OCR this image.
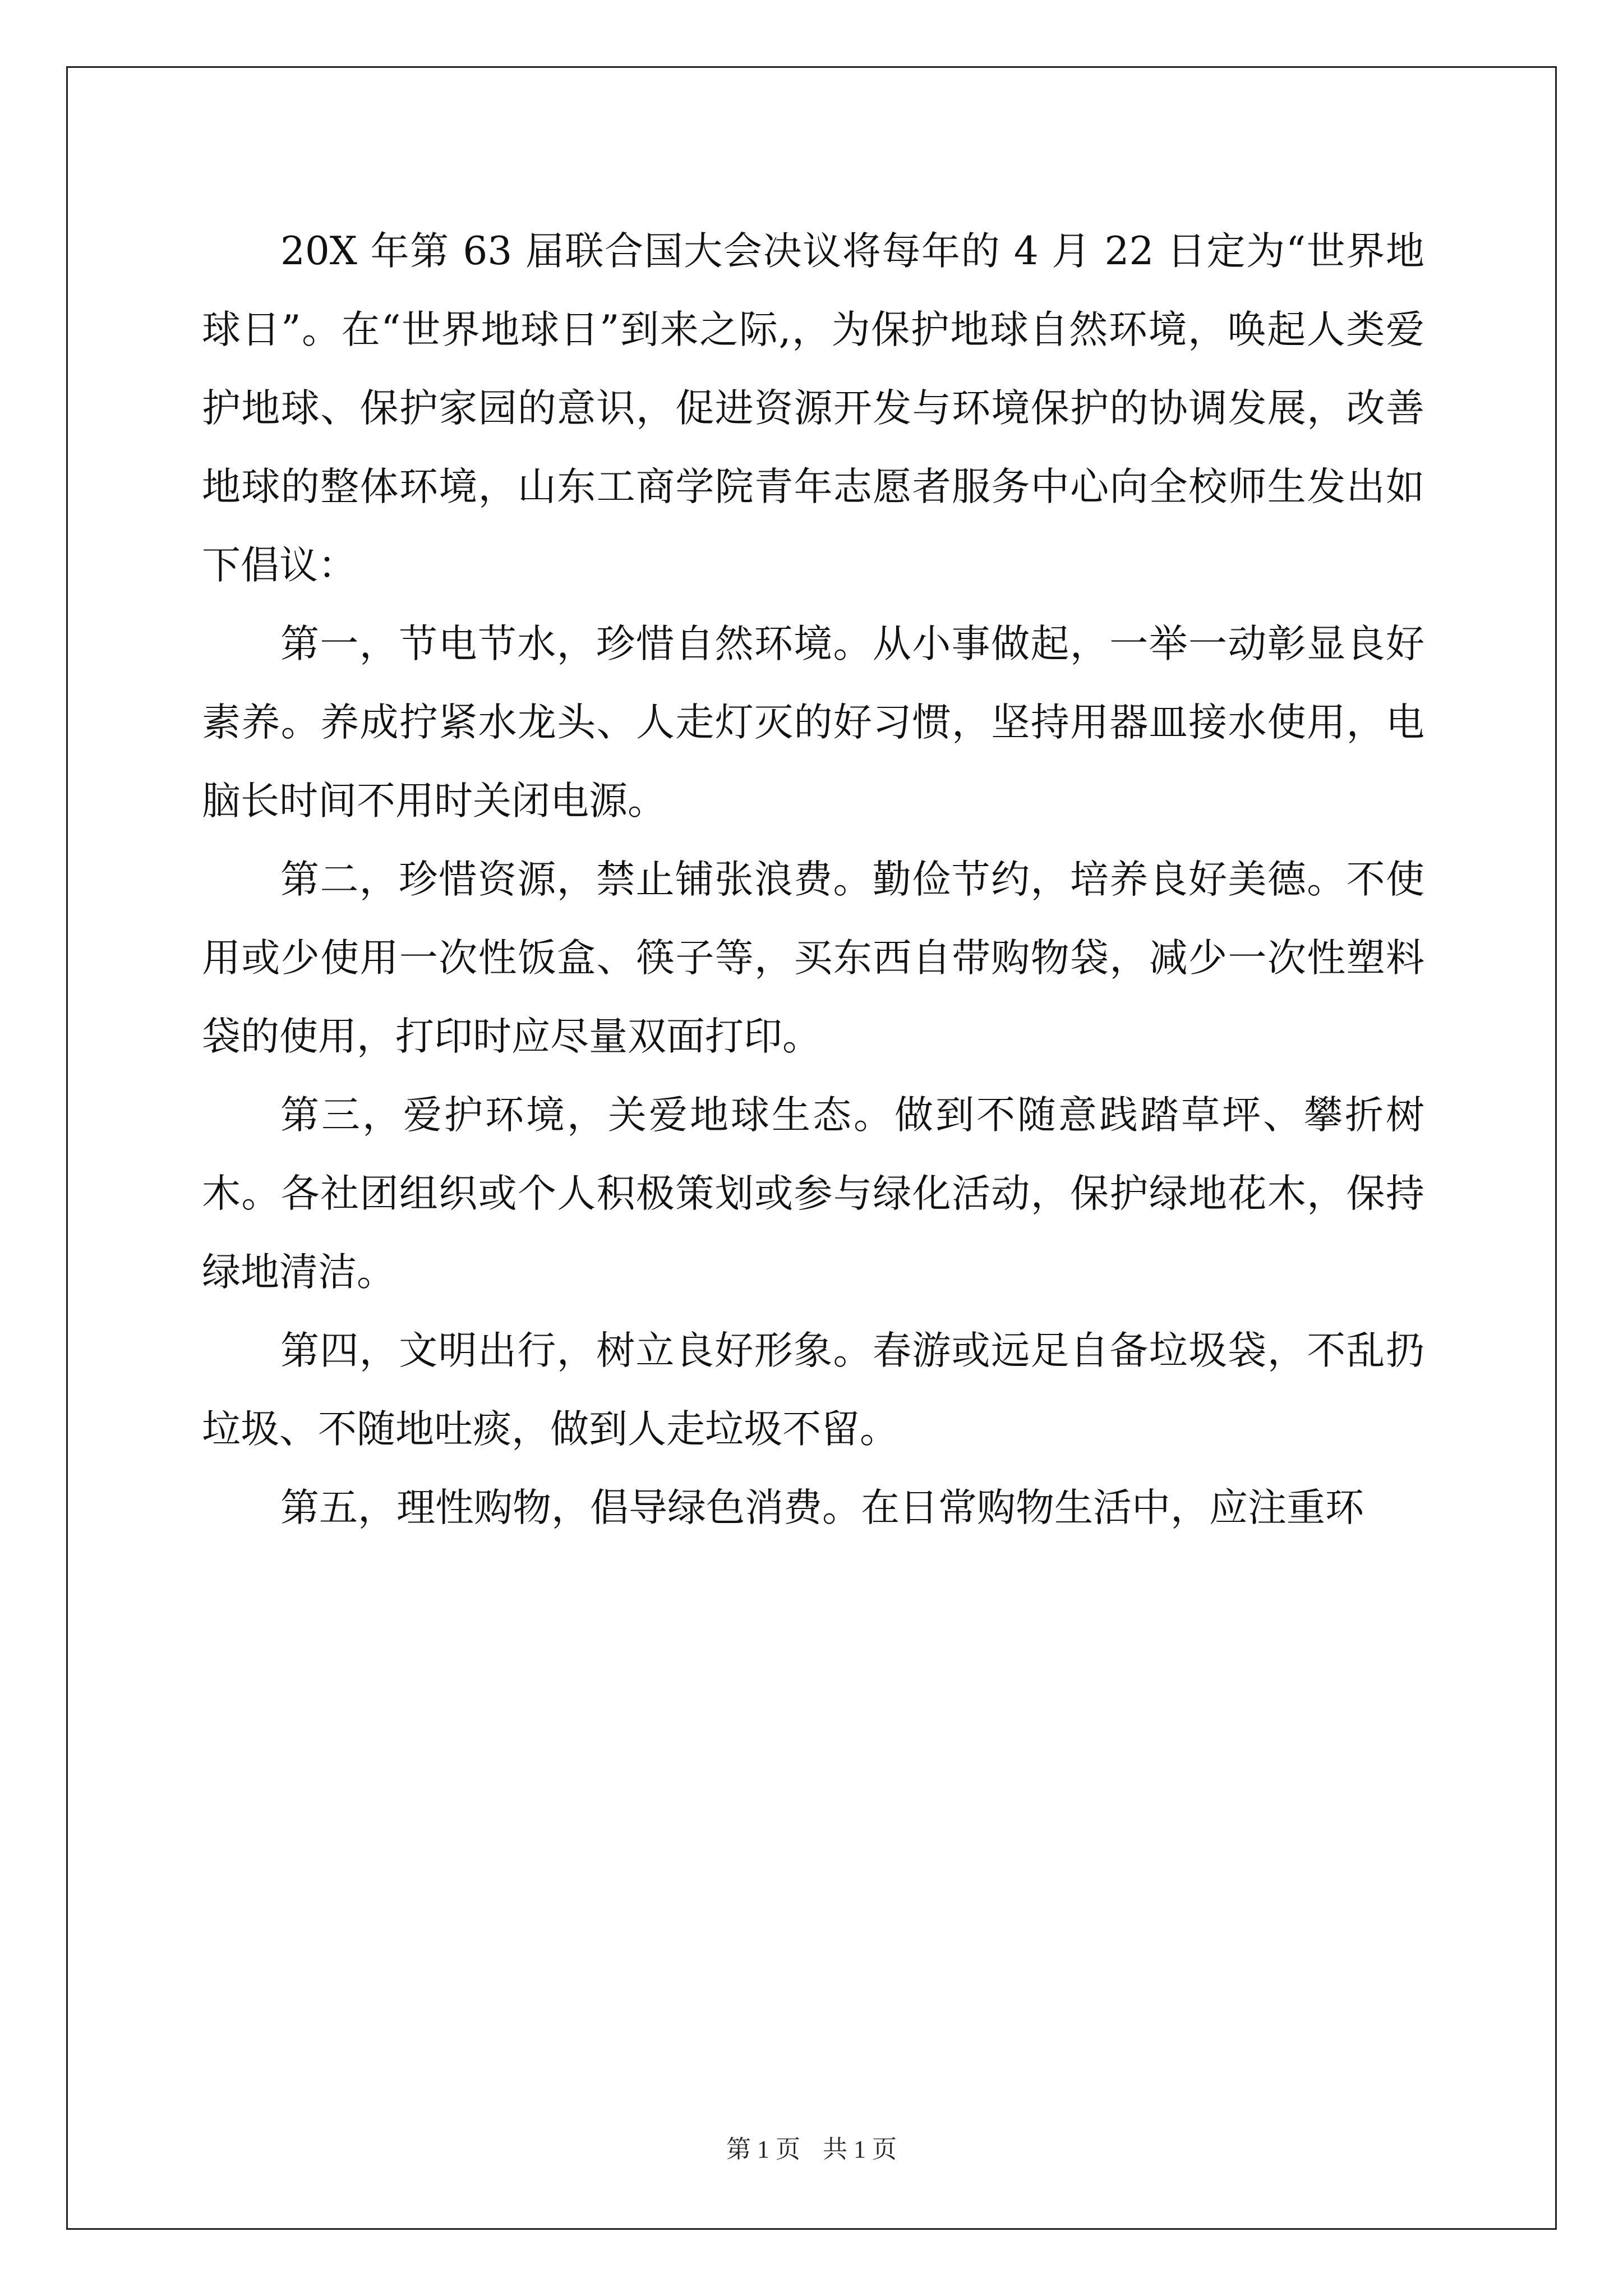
20X 年第 63 届联合国大会决议将每年的 4 月 22 日定为“世界地球日”。在“世界地球日”到来之际,，为保护地球自然环境，唤起人类爱护地球、保护家园的意识，促进资源开发与环境保护的协调发展，改善地球的整体环境，山东工商学院青年志愿者服务中心向全校师生发出如下倡议：

第一，节电节水，珍惜自然环境。从小事做起，一举一动彰显良好素养。养成拧紧水龙头、人走灯灭的好习惯，坚持用器皿接水使用，电脑长时间不用时关闭电源。

第二，珍惜资源，禁止铺张浪费。勤俭节约，培养良好美德。不使用或少使用一次性饭盒、筷子等，买东西自带购物袋，减少一次性塑料袋的使用，打印时应尽量双面打印。

第三，爱护环境，关爱地球生态。做到不随意践踏草坪、攀折树木。各社团组织或个人积极策划或参与绿化活动，保护绿地花木，保持绿地清洁。

第四，文明出行，树立良好形象。春游或远足自备垃圾袋，不乱扔垃圾、不随地吐痰，做到人走垃圾不留。

第五，理性购物，倡导绿色消费。在日常购物生活中，应注重环

第 1 页 共 1 页
